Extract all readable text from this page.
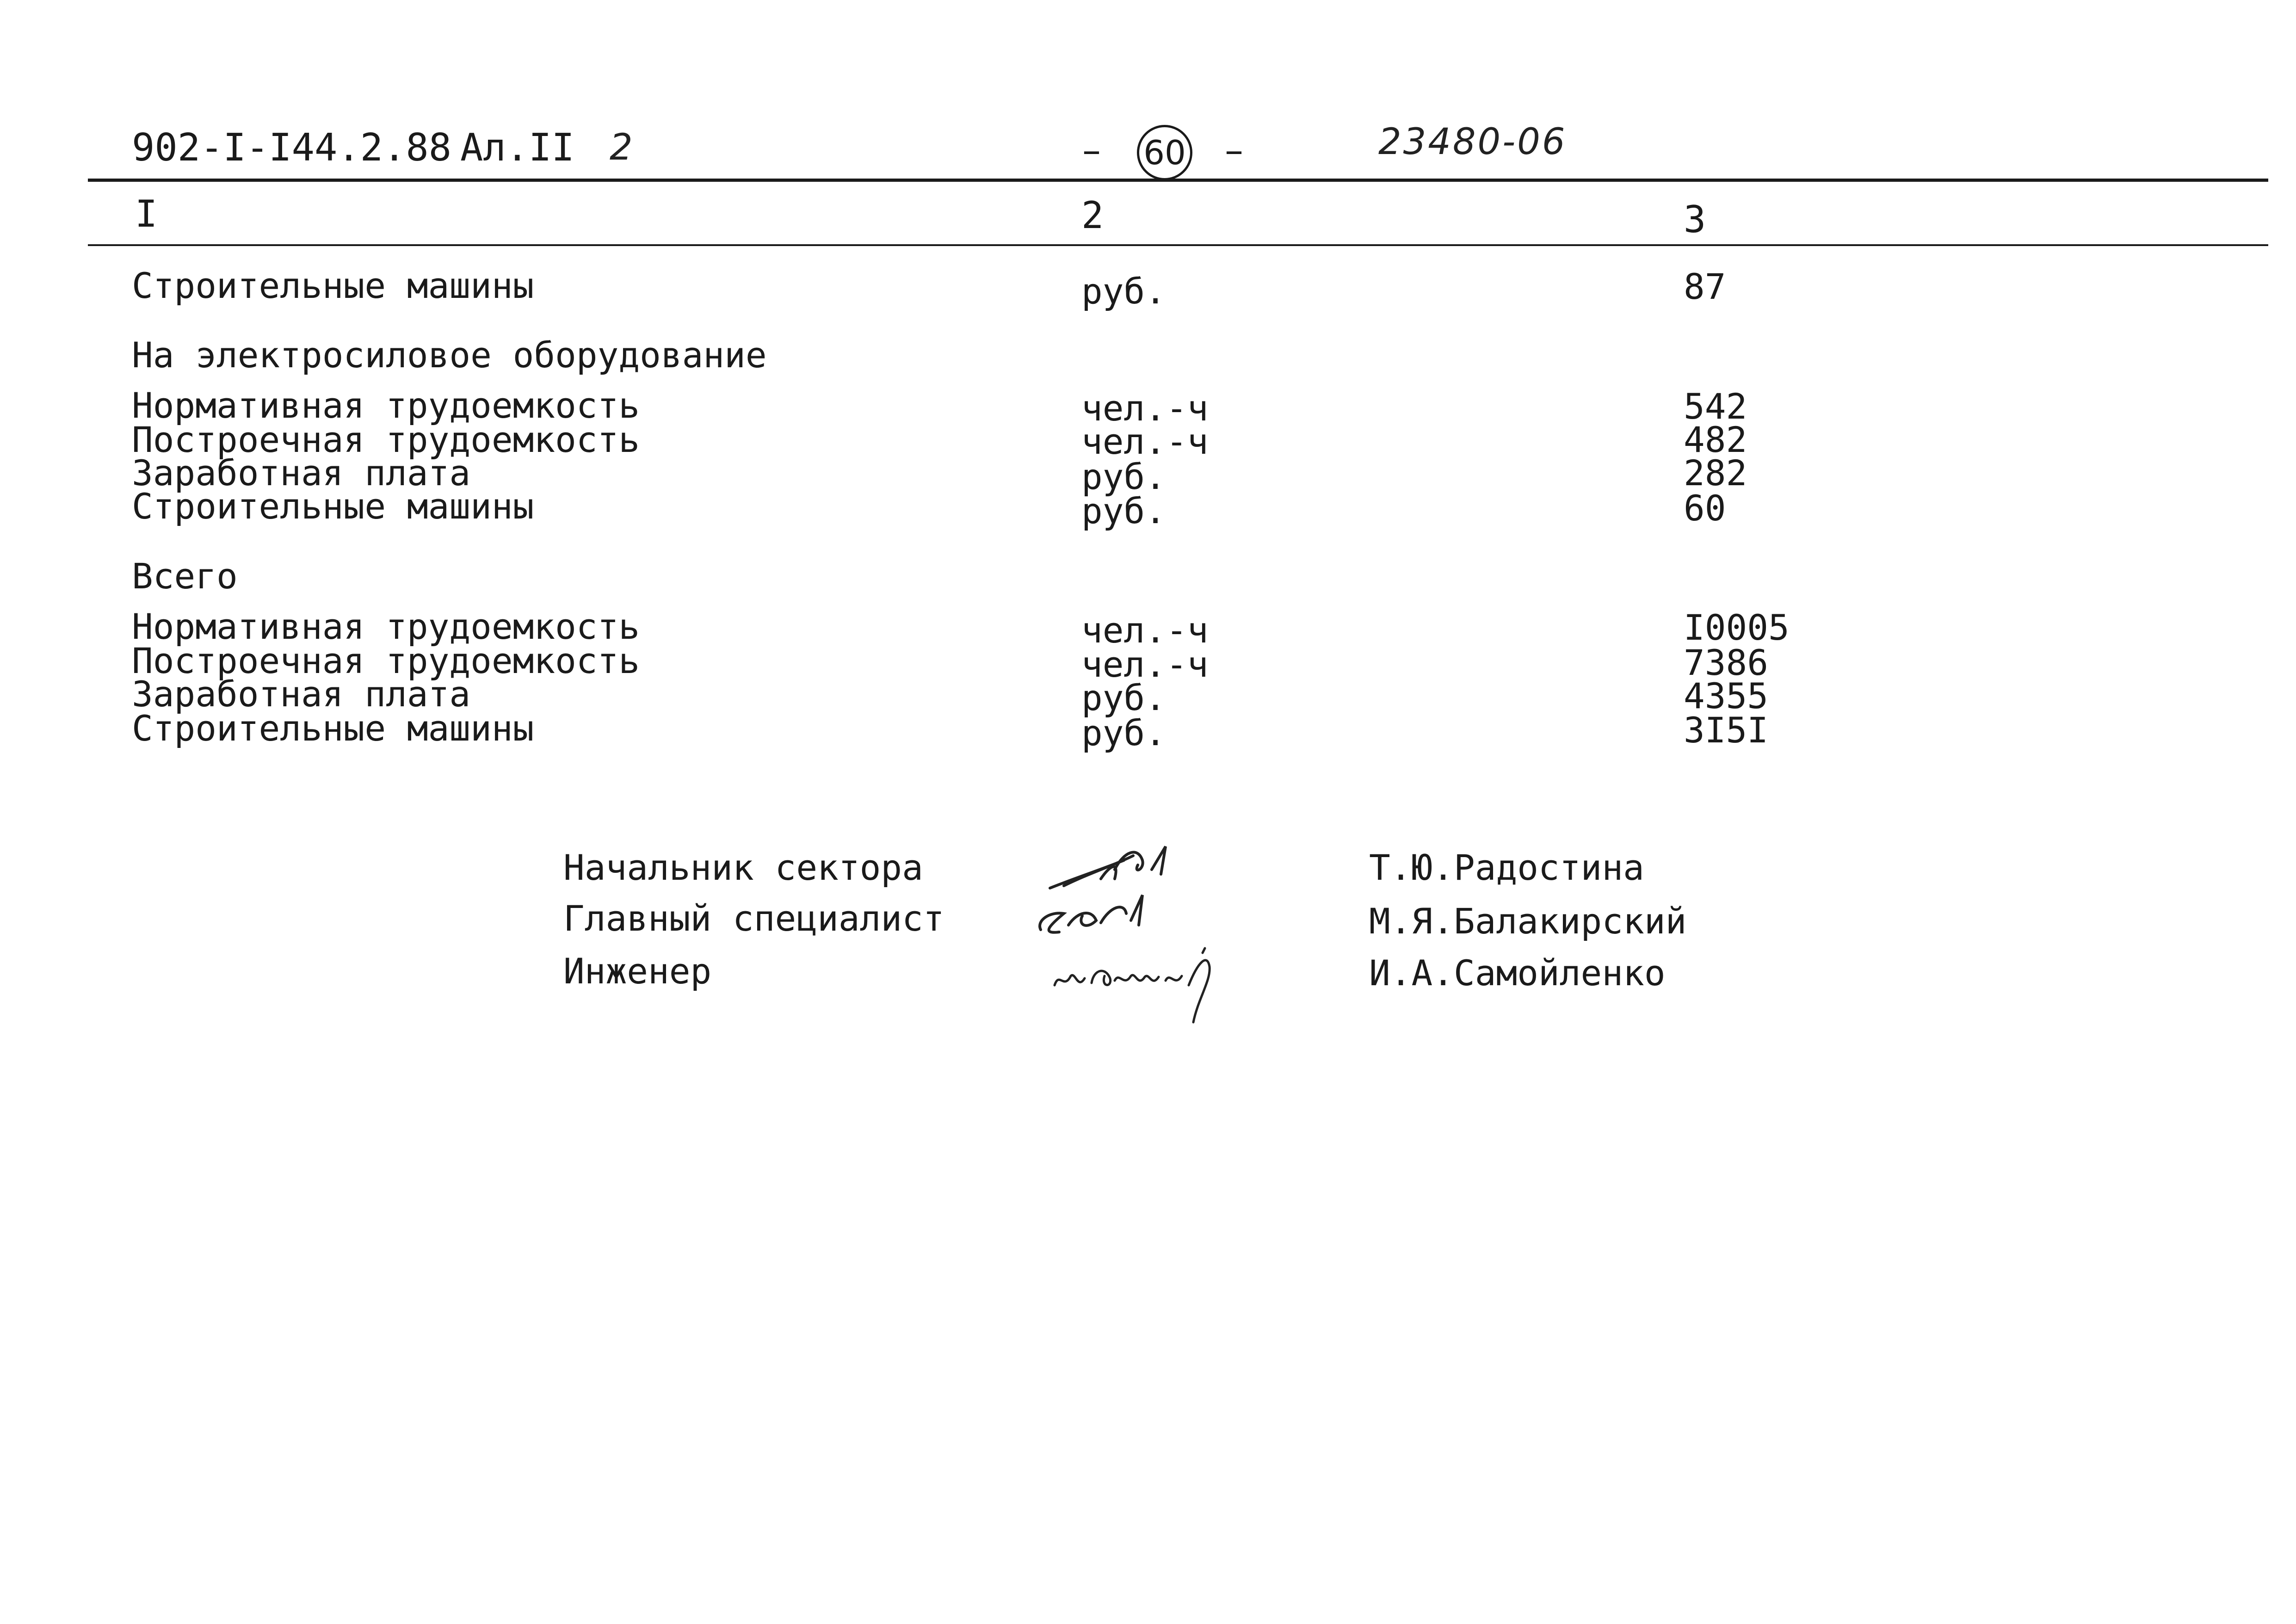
902-I-I44.2.88 Ал.II 2	– 60 –	23480-06
I	2	3
Строительные машины	руб.	87
На электросиловое оборудование
Нормативная трудоемкость	чел.-ч	542
Построечная трудоемкость	чел.-ч	482
Заработная плата	руб.	282
Строительные машины	руб.	60
Всего
Нормативная трудоемкость	чел.-ч	I0005
Построечная трудоемкость	чел.-ч	7386
Заработная плата	руб.	4355
Строительные машины	руб.	3I5I
Начальник сектора	Т.Ю.Радостина
Главный специалист	М.Я.Балакирский
Инженер	И.А.Самойленко
